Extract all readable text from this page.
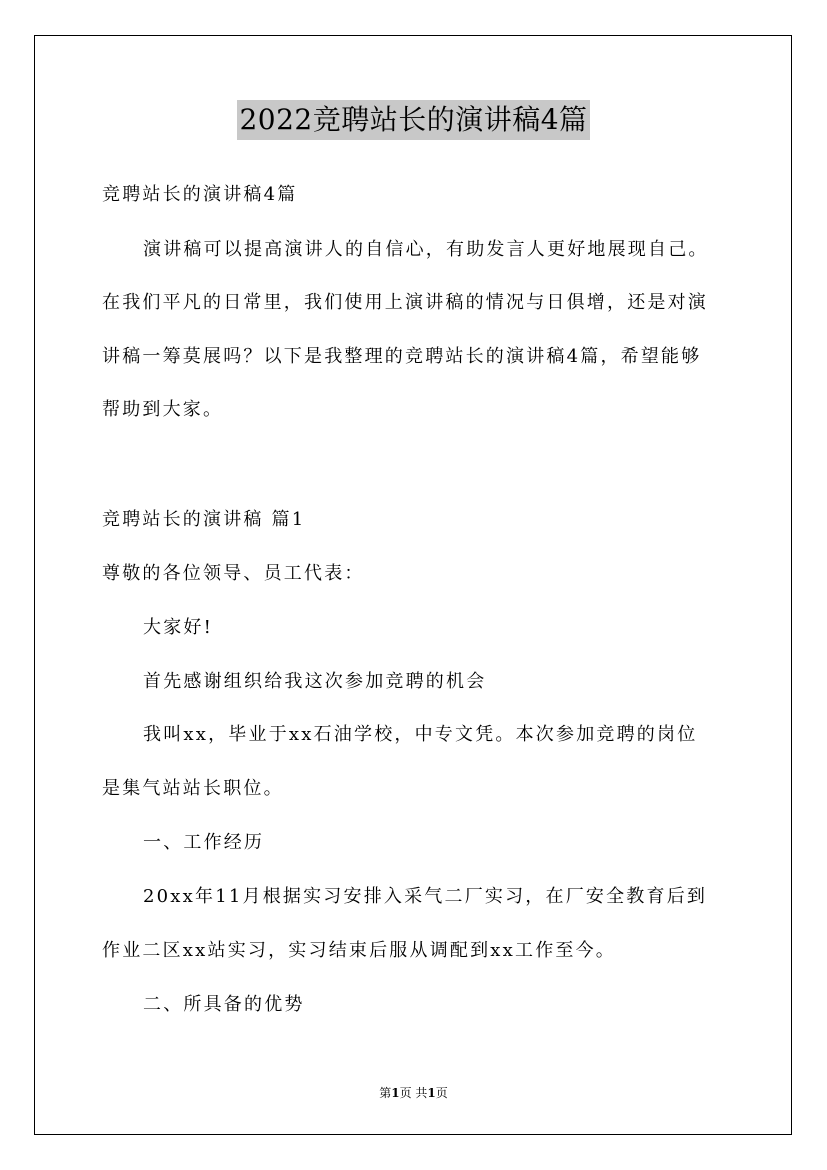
2022竞聘站长的演讲稿4篇
竞聘站长的演讲稿4篇
演讲稿可以提高演讲人的自信心，有助发言人更好地展现自己。
在我们平凡的日常里，我们使用上演讲稿的情况与日俱增，还是对演
讲稿一筹莫展吗？以下是我整理的竞聘站长的演讲稿4篇，希望能够
帮助到大家。
竞聘站长的演讲稿 篇1
尊敬的各位领导、员工代表：
大家好!
首先感谢组织给我这次参加竞聘的机会
我叫xx，毕业于xx石油学校，中专文凭。本次参加竞聘的岗位
是集气站站长职位。
一、工作经历
20xx年11月根据实习安排入采气二厂实习，在厂安全教育后到
作业二区xx站实习，实习结束后服从调配到xx工作至今。
二、所具备的优势
第1页 共1页
